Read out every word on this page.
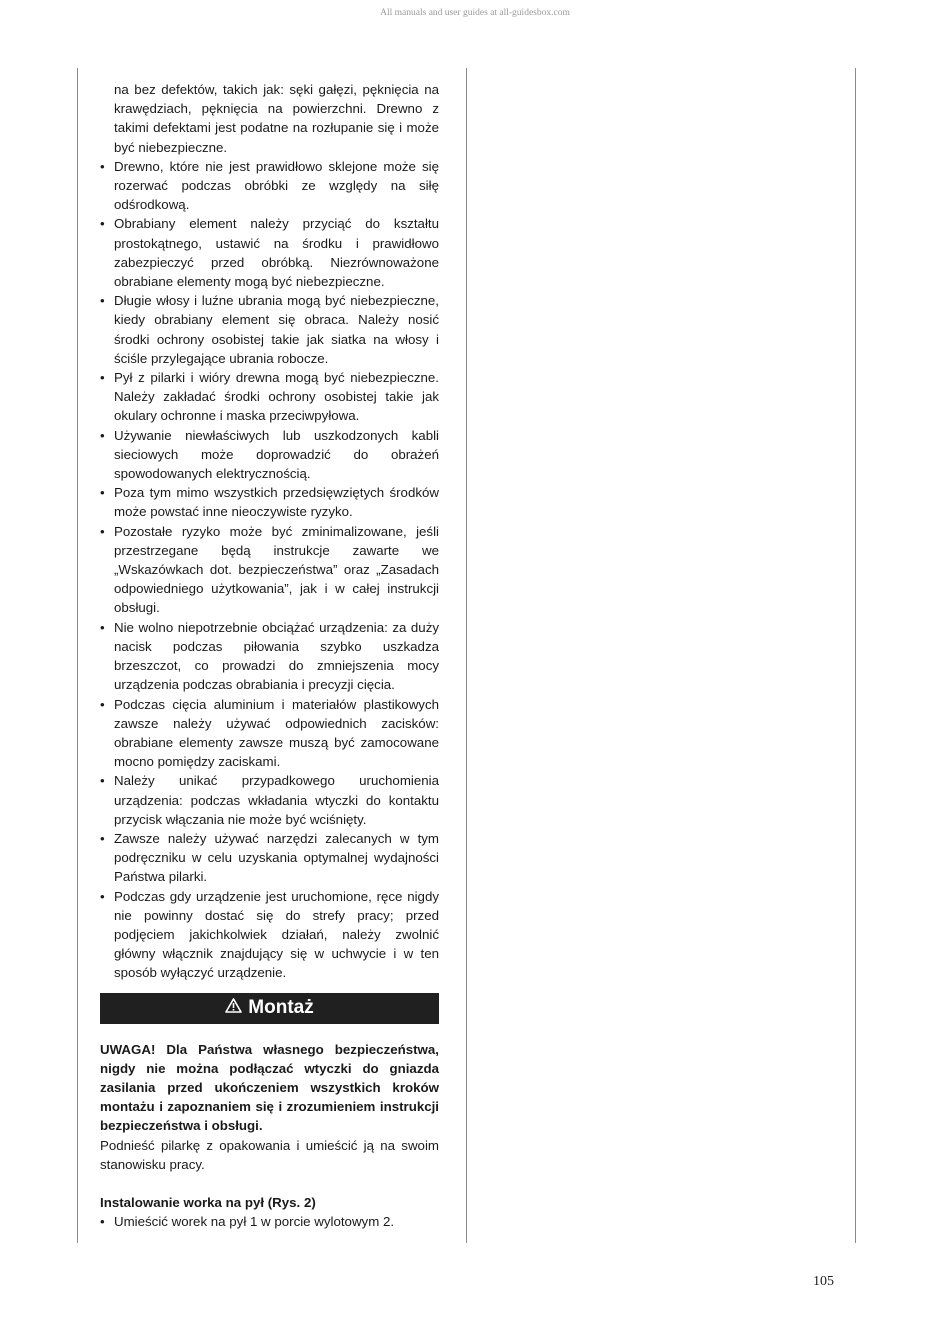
All manuals and user guides at all-guidesbox.com

na bez defektów, takich jak: sęki gałęzi, pęknięcia na krawędziach, pęknięcia na powierzchni. Drewno z takimi defektami jest podatne na rozłupanie się i może być niebezpieczne.

• Drewno, które nie jest prawidłowo sklejone może się rozerwać podczas obróbki ze względy na siłę odśrodkową.
• Obrabiany element należy przyciąć do kształtu prostokątnego, ustawić na środku i prawidłowo zabezpieczyć przed obróbką. Niezrównoważone obrabiane elementy mogą być niebezpieczne.
• Długie włosy i luźne ubrania mogą być niebezpieczne, kiedy obrabiany element się obraca. Należy nosić środki ochrony osobistej takie jak siatka na włosy i ściśle przylegające ubrania robocze.
• Pył z pilarki i wióry drewna mogą być niebezpieczne. Należy zakładać środki ochrony osobistej takie jak okulary ochronne i maska przeciwpyłowa.
• Używanie niewłaściwych lub uszkodzonych kabli sieciowych może doprowadzić do obrażeń spowodowanych elektrycznością.
• Poza tym mimo wszystkich przedsięwziętych środków może powstać inne nieoczywiste ryzyko.
• Pozostałe ryzyko może być zminimalizowane, jeśli przestrzegane będą instrukcje zawarte we „Wskazówkach dot. bezpieczeństwa” oraz „Zasadach odpowiedniego użytkowania”, jak i w całej instrukcji obsługi.
• Nie wolno niepotrzebnie obciążać urządzenia: za duży nacisk podczas piłowania szybko uszkadza brzeszczot, co prowadzi do zmniejszenia mocy urządzenia podczas obrabiania i precyzji cięcia.
• Podczas cięcia aluminium i materiałów plastikowych zawsze należy używać odpowiednich zacisków: obrabiane elementy zawsze muszą być zamocowane mocno pomiędzy zaciskami.
• Należy unikać przypadkowego uruchomienia urządzenia: podczas wkładania wtyczki do kontaktu przycisk włączania nie może być wciśnięty.
• Zawsze należy używać narzędzi zalecanych w tym podręczniku w celu uzyskania optymalnej wydajności Państwa pilarki.
• Podczas gdy urządzenie jest uruchomione, ręce nigdy nie powinny dostać się do strefy pracy; przed podjęciem jakichkolwiek działań, należy zwolnić główny włącznik znajdujący się w uchwycie i w ten sposób wyłączyć urządzenie.
Montaż

UWAGA! Dla Państwa własnego bezpieczeństwa, nigdy nie można podłączać wtyczki do gniazda zasilania przed ukończeniem wszystkich kroków montażu i zapoznaniem się i zrozumieniem instrukcji bezpieczeństwa i obsługi.

Podnieść pilarkę z opakowania i umieścić ją na swoim stanowisku pracy.

Instalowanie worka na pył (Rys. 2)

• Umieścić worek na pył 1 w porcie wylotowym 2.
105
